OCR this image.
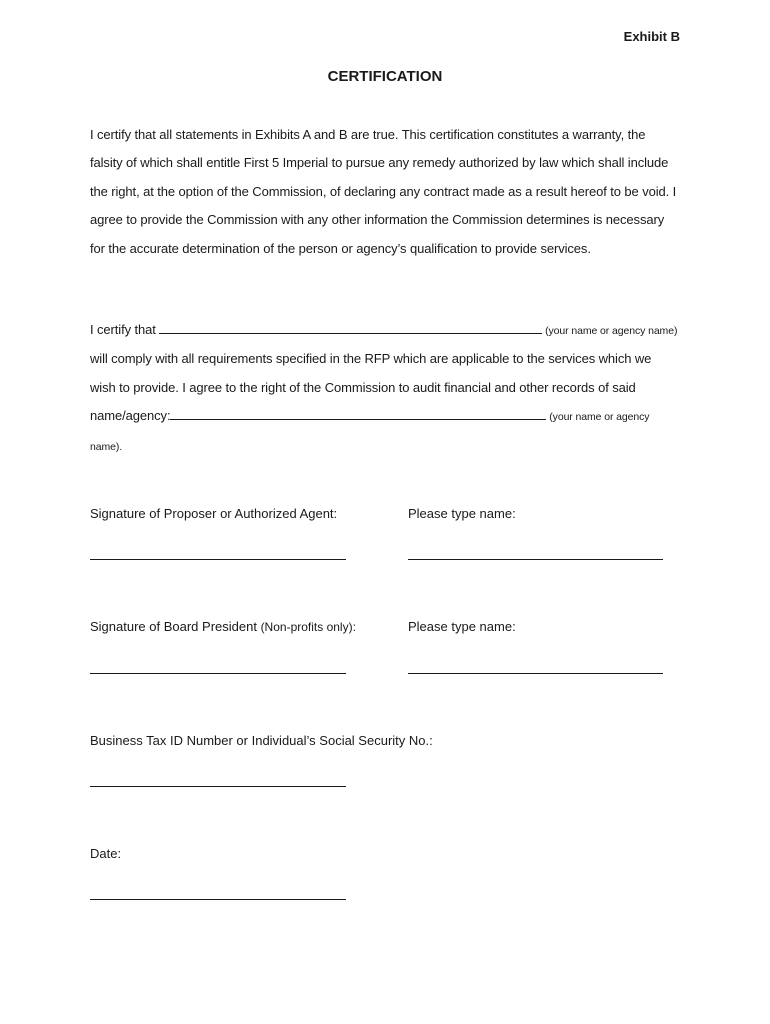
Exhibit B
CERTIFICATION
I certify that all statements in Exhibits A and B are true. This certification constitutes a warranty, the falsity of which shall entitle First 5 Imperial to pursue any remedy authorized by law which shall include the right, at the option of the Commission, of declaring any contract made as a result hereof to be void. I agree to provide the Commission with any other information the Commission determines is necessary for the accurate determination of the person or agency’s qualification to provide services.
I certify that	(your name or agency name) will comply with all requirements specified in the RFP which are applicable to the services which we wish to provide. I agree to the right of the Commission to audit financial and other records of said name/agency:	(your name or agency name).
Signature of Proposer or Authorized Agent:	Please type name:
Signature of Board President (Non-profits only):	Please type name:
Business Tax ID Number or Individual’s Social Security No.:
Date:
